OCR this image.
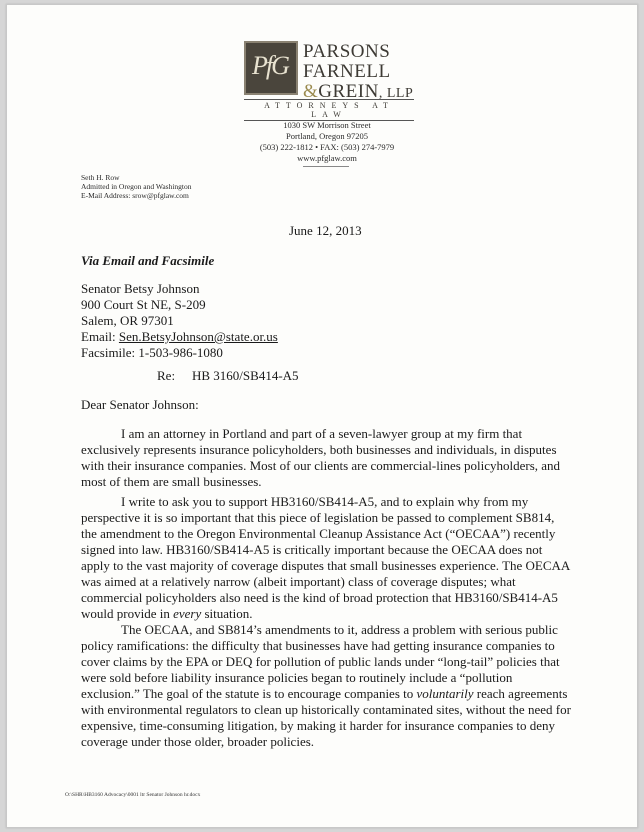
PfG PARSONS
FARNELL
&GREIN, LLP
ATTORNEYS AT LAW
1030 SW Morrison Street
Portland, Oregon 97205
(503) 222-1812 • FAX: (503) 274-7979
www.pfglaw.com
Seth H. Row
Admitted in Oregon and Washington
E-Mail Address: srow@pfglaw.com
June 12, 2013
Via Email and Facsimile
Senator Betsy Johnson
900 Court St NE, S-209
Salem, OR 97301
Email: Sen.BetsyJohnson@state.or.us
Facsimile: 1-503-986-1080
Re: HB 3160/SB414-A5
Dear Senator Johnson:

I am an attorney in Portland and part of a seven-lawyer group at my firm that exclusively represents insurance policyholders, both businesses and individuals, in disputes with their insurance companies. Most of our clients are commercial-lines policyholders, and most of them are small businesses.

I write to ask you to support HB3160/SB414-A5, and to explain why from my perspective it is so important that this piece of legislation be passed to complement SB814, the amendment to the Oregon Environmental Cleanup Assistance Act (“OECAA”) recently signed into law. HB3160/SB414-A5 is critically important because the OECAA does not apply to the vast majority of coverage disputes that small businesses experience. The OECAA was aimed at a relatively narrow (albeit important) class of coverage disputes; what commercial policyholders also need is the kind of broad protection that HB3160/SB414-A5 would provide in every situation.

The OECAA, and SB814’s amendments to it, address a problem with serious public policy ramifications: the difficulty that businesses have had getting insurance companies to cover claims by the EPA or DEQ for pollution of public lands under “long-tail” policies that were sold before liability insurance policies began to routinely include a “pollution exclusion.” The goal of the statute is to encourage companies to voluntarily reach agreements with environmental regulators to clean up historically contaminated sites, without the need for expensive, time-consuming litigation, by making it harder for insurance companies to deny coverage under those older, broader policies.

O:\SHR\HB3160 Advocacy\0001 ltr Senator Johnson hr.docx
